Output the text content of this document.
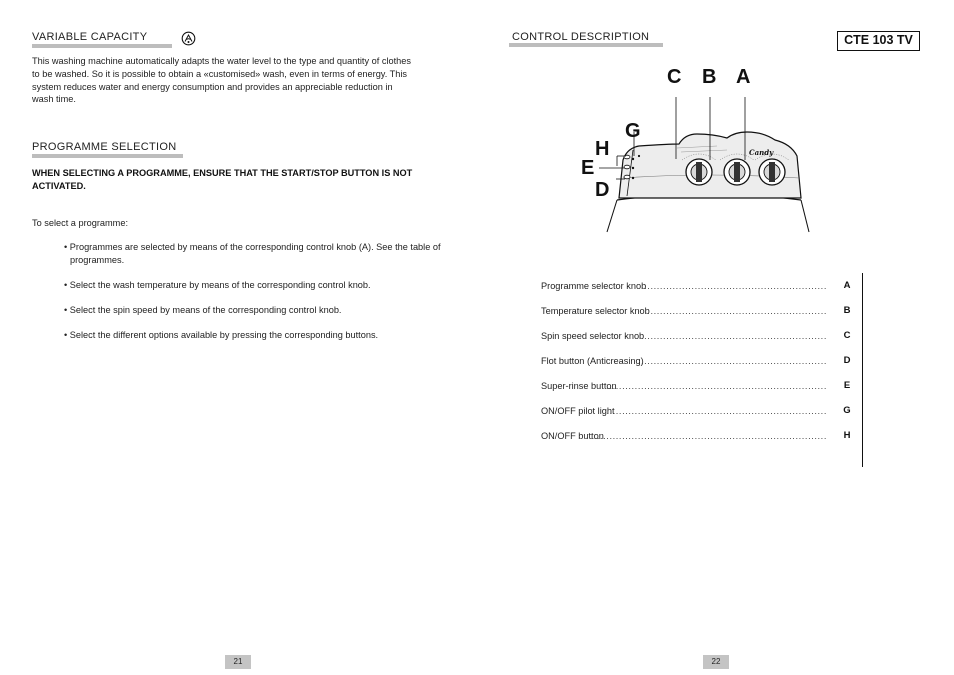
VARIABLE CAPACITY
This washing machine automatically adapts the water level to the type and quantity of clothes
to be washed. So it is possible to obtain a «customised» wash, even in terms of energy. This
system reduces water and energy consumption and provides an appreciable reduction in
wash time.
PROGRAMME SELECTION
WHEN SELECTING A PROGRAMME, ENSURE THAT THE START/STOP BUTTON IS NOT
ACTIVATED.
To select a programme:
• Programmes are selected by means of the corresponding control knob (A). See the table of programmes.
• Select the wash temperature by means of the corresponding control knob.
• Select the spin speed by means of the corresponding control knob.
• Select the different options available by pressing the corresponding buttons.
21
CONTROL DESCRIPTION	CTE 103 TV
C B A
G
H
E
D
Candy
Programme selector knob
........................................................... A
Temperature selector knob
......................................................... B
Spin speed selector knob
........................................................... C
Flot button (Anticreasing)
............................................................ D
Super-rinse button
...................................................................... E
ON/OFF pilot light
...................................................................... G
ON/OFF button
........................................................................... H
22
